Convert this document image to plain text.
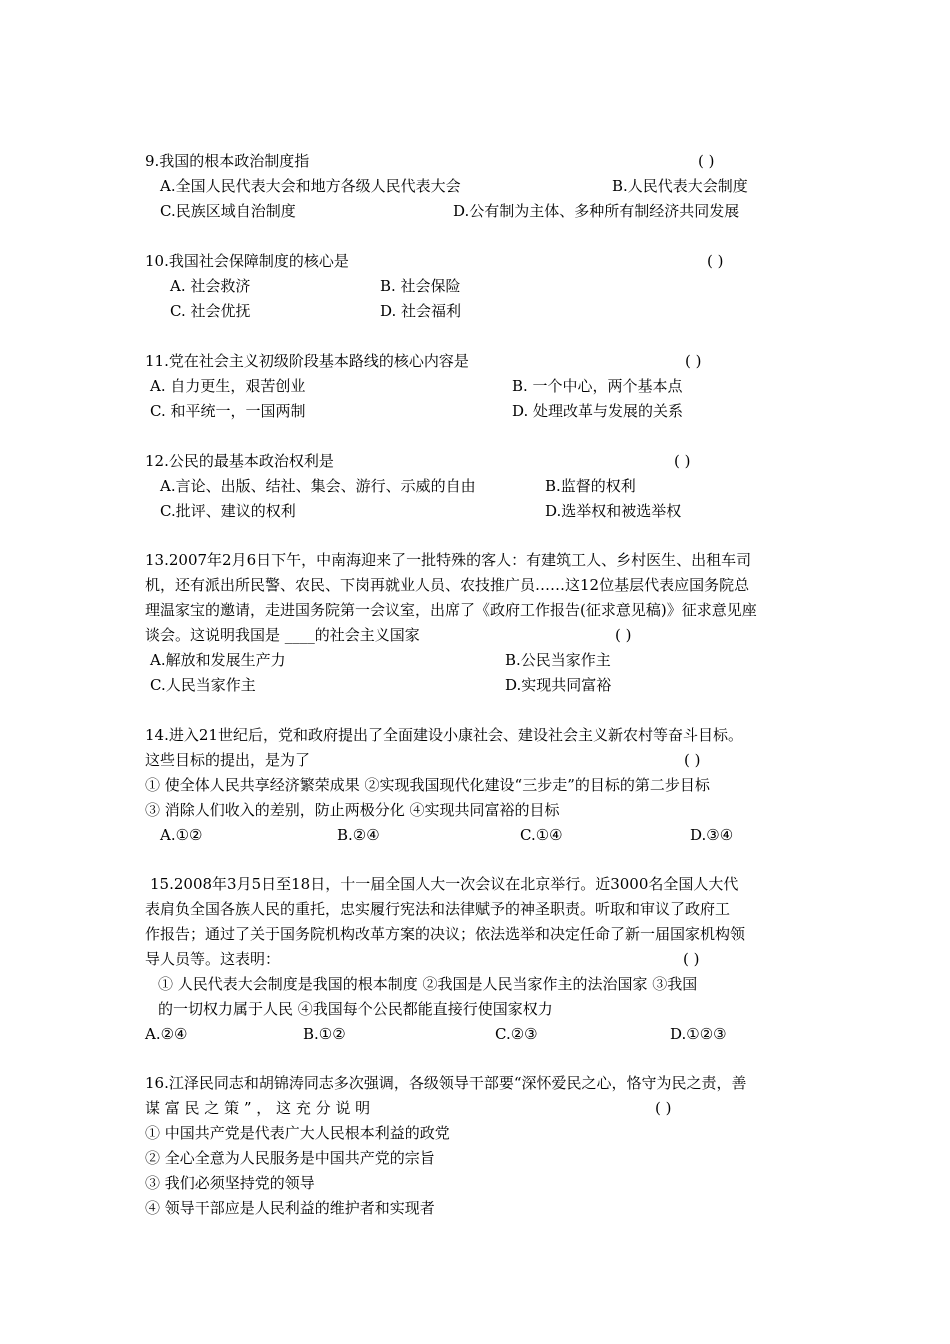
9.我国的根本政治制度指	( )
A.全国人民代表大会和地方各级人民代表大会	B.人民代表大会制度
C.民族区域自治制度	D.公有制为主体、多种所有制经济共同发展
10.我国社会保障制度的核心是	( )
A. 社会救济	B. 社会保险
C. 社会优抚	D. 社会福利
11.党在社会主义初级阶段基本路线的核心内容是	( )
A. 自力更生，艰苦创业	B. 一个中心，两个基本点
C. 和平统一，一国两制	D. 处理改革与发展的关系
12.公民的最基本政治权利是	( )
A.言论、出版、结社、集会、游行、示威的自由	B.监督的权利
C.批评、建议的权利	D.选举权和被选举权
13.2007年2月6日下午，中南海迎来了一批特殊的客人：有建筑工人、乡村医生、出租车司
机，还有派出所民警、农民、下岗再就业人员、农技推广员……这12位基层代表应国务院总
理温家宝的邀请，走进国务院第一会议室，出席了《政府工作报告(征求意见稿)》征求意见座
谈会。这说明我国是 ____的社会主义国家	( )
A.解放和发展生产力	B.公民当家作主
C.人民当家作主	D.实现共同富裕
14.进入21世纪后，党和政府提出了全面建设小康社会、建设社会主义新农村等奋斗目标。
这些目标的提出，是为了	( )
① 使全体人民共享经济繁荣成果 ②实现我国现代化建设“三步走”的目标的第二步目标
③ 消除人们收入的差别，防止两极分化 ④实现共同富裕的目标
A.①②	B.②④	C.①④	D.③④
15.2008年3月5日至18日，十一届全国人大一次会议在北京举行。近3000名全国人大代
表肩负全国各族人民的重托，忠实履行宪法和法律赋予的神圣职责。听取和审议了政府工
作报告；通过了关于国务院机构改革方案的决议；依法选举和决定任命了新一届国家机构领
导人员等。这表明：	( )
① 人民代表大会制度是我国的根本制度 ②我国是人民当家作主的法治国家 ③我国
的一切权力属于人民 ④我国每个公民都能直接行使国家权力
A.②④	B.①②	C.②③	D.①②③
16.江泽民同志和胡锦涛同志多次强调，各级领导干部要“深怀爱民之心，恪守为民之责，善
谋 富 民 之 策 ” ， 这 充 分 说 明	( )
① 中国共产党是代表广大人民根本利益的政党
② 全心全意为人民服务是中国共产党的宗旨
③ 我们必须坚持党的领导
④ 领导干部应是人民利益的维护者和实现者
